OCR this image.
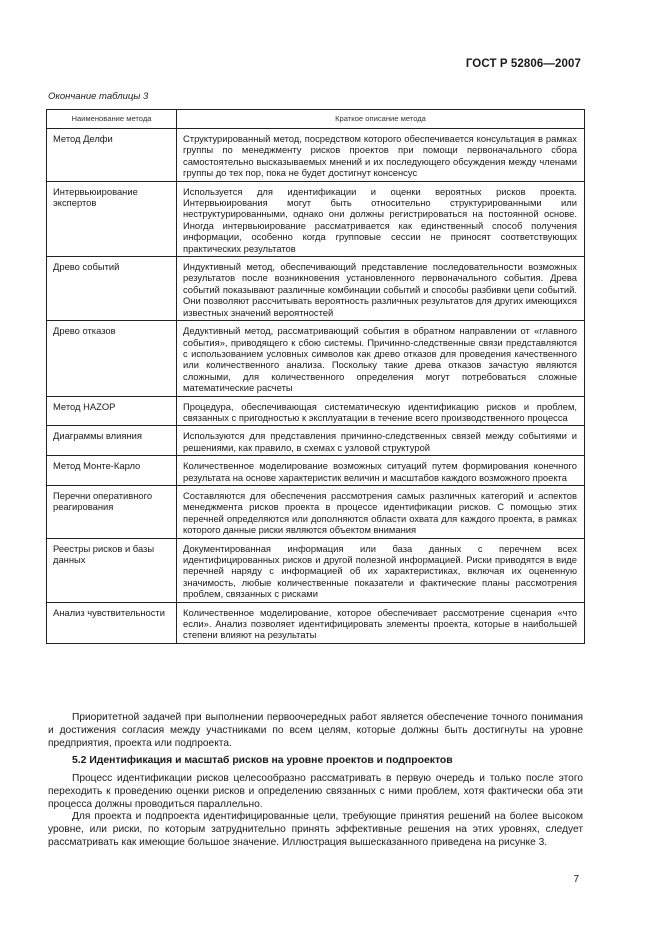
ГОСТ Р 52806—2007
Окончание таблицы 3
Наименование метода	Краткое описание метода
Метод Делфи	Структурированный метод, посредством которого обеспечивается консультация в рамках группы по менеджменту рисков проектов при помощи первоначального сбора самостоятельно высказываемых мнений и их последующего обсуждения между членами группы до тех пор, пока не будет достигнут консенсус
Интервьюирование экспертов	Используется для идентификации и оценки вероятных рисков проекта. Интервьюирования могут быть относительно структурированными или неструктурированными, однако они должны регистрироваться на постоянной основе. Иногда интервьюирование рассматривается как единственный способ получения информации, особенно когда групповые сессии не приносят соответствующих практических результатов
Древо событий	Индуктивный метод, обеспечивающий представление последовательности возможных результатов после возникновения установленного первоначального события. Древа событий показывают различные комбинации событий и способы разбивки цепи событий. Они позволяют рассчитывать вероятность различных результатов для других имеющихся известных значений вероятностей
Древо отказов	Дедуктивный метод, рассматривающий события в обратном направлении от «главного события», приводящего к сбою системы. Причинно-следственные связи представляются с использованием условных символов как древо отказов для проведения качественного или количественного анализа. Поскольку такие древа отказов зачастую являются сложными, для количественного определения могут потребоваться сложные математические расчеты
Метод HAZOP	Процедура, обеспечивающая систематическую идентификацию рисков и проблем, связанных с пригодностью к эксплуатации в течение всего производственного процесса
Диаграммы влияния	Используются для представления причинно-следственных связей между событиями и решениями, как правило, в схемах с узловой структурой
Метод Монте-Карло	Количественное моделирование возможных ситуаций путем формирования конечного результата на основе характеристик величин и масштабов каждого возможного проекта
Перечни оперативного реагирования	Составляются для обеспечения рассмотрения самых различных категорий и аспектов менеджмента рисков проекта в процессе идентификации рисков. С помощью этих перечней определяются или дополняются области охвата для каждого проекта, в рамках которого данные риски являются объектом внимания
Реестры рисков и базы данных	Документированная информация или база данных с перечнем всех идентифицированных рисков и другой полезной информацией. Риски приводятся в виде перечней наряду с информацией об их характеристиках, включая их оцененную значимость, любые количественные показатели и фактические планы рассмотрения проблем, связанных с рисками
Анализ чувствительности	Количественное моделирование, которое обеспечивает рассмотрение сценария «что если». Анализ позволяет идентифицировать элементы проекта, которые в наибольшей степени влияют на результаты

Приоритетной задачей при выполнении первоочередных работ является обеспечение точного понимания и достижения согласия между участниками по всем целям, которые должны быть достигнуты на уровне предприятия, проекта или подпроекта.

5.2 Идентификация и масштаб рисков на уровне проектов и подпроектов

Процесс идентификации рисков целесообразно рассматривать в первую очередь и только после этого переходить к проведению оценки рисков и определению связанных с ними проблем, хотя фактически оба эти процесса должны проводиться параллельно.

Для проекта и подпроекта идентифицированные цели, требующие принятия решений на более высоком уровне, или риски, по которым затруднительно принять эффективные решения на этих уровнях, следует рассматривать как имеющие большое значение. Иллюстрация вышесказанного приведена на рисунке 3.

7
